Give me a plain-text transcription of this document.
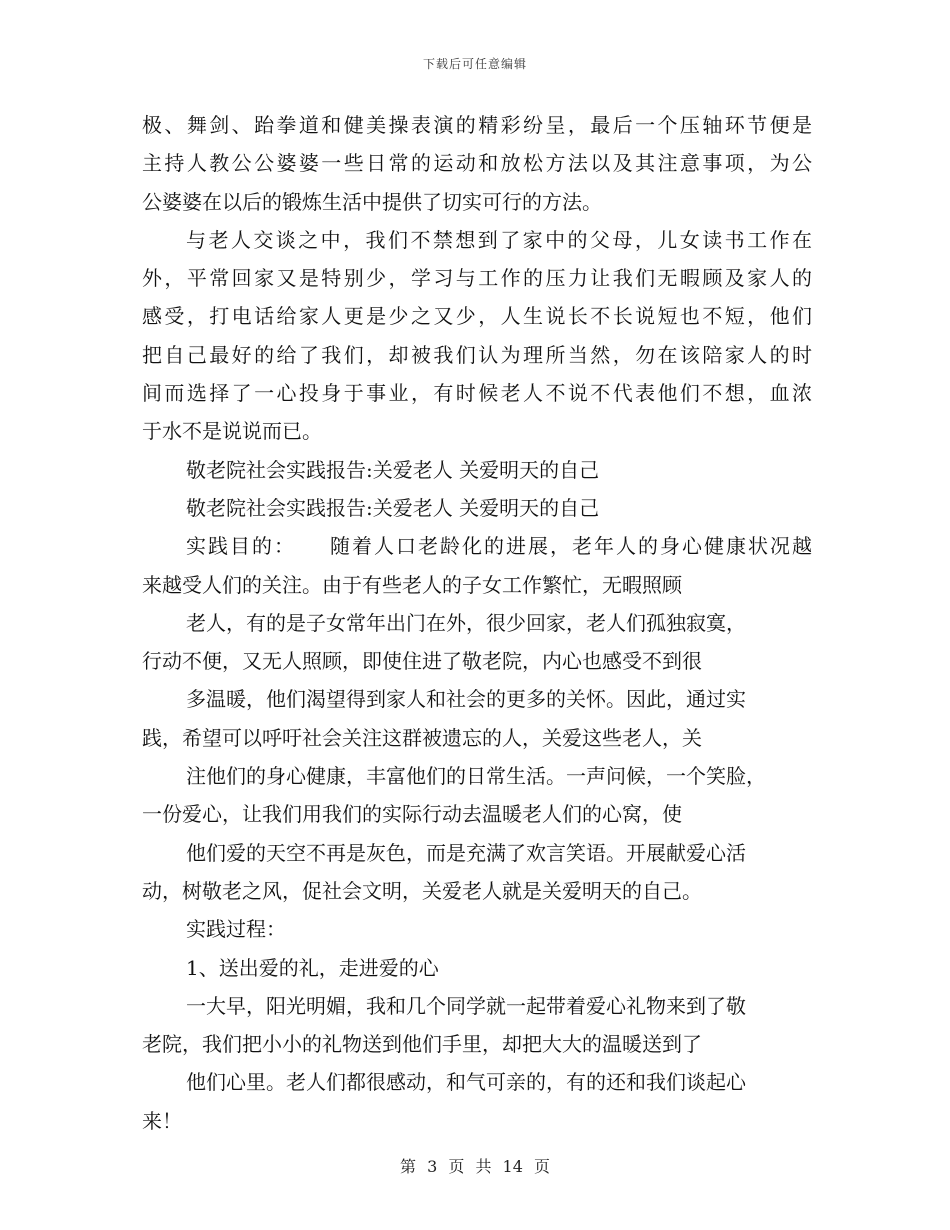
下载后可任意编辑
极、舞剑、跆拳道和健美操表演的精彩纷呈，最后一个压轴环节便是
主持人教公公婆婆一些日常的运动和放松方法以及其注意事项，为公
公婆婆在以后的锻炼生活中提供了切实可行的方法。
与老人交谈之中，我们不禁想到了家中的父母，儿女读书工作在
外，平常回家又是特别少，学习与工作的压力让我们无暇顾及家人的
感受，打电话给家人更是少之又少，人生说长不长说短也不短，他们
把自己最好的给了我们，却被我们认为理所当然，勿在该陪家人的时
间而选择了一心投身于事业，有时候老人不说不代表他们不想，血浓
于水不是说说而已。
敬老院社会实践报告:关爱老人 关爱明天的自己
敬老院社会实践报告:关爱老人 关爱明天的自己
实践目的：　　随着人口老龄化的进展，老年人的身心健康状况越
来越受人们的关注。由于有些老人的子女工作繁忙，无暇照顾
老人，有的是子女常年出门在外，很少回家，老人们孤独寂寞，
行动不便，又无人照顾，即使住进了敬老院，内心也感受不到很
多温暖，他们渴望得到家人和社会的更多的关怀。因此，通过实
践，希望可以呼吁社会关注这群被遗忘的人，关爱这些老人，关
注他们的身心健康，丰富他们的日常生活。一声问候，一个笑脸，
一份爱心，让我们用我们的实际行动去温暖老人们的心窝，使
他们爱的天空不再是灰色，而是充满了欢言笑语。开展献爱心活
动，树敬老之风，促社会文明，关爱老人就是关爱明天的自己。
实践过程：
1、送出爱的礼，走进爱的心
一大早，阳光明媚，我和几个同学就一起带着爱心礼物来到了敬
老院，我们把小小的礼物送到他们手里，却把大大的温暖送到了
他们心里。老人们都很感动，和气可亲的，有的还和我们谈起心
来！
第 3 页 共 14 页
